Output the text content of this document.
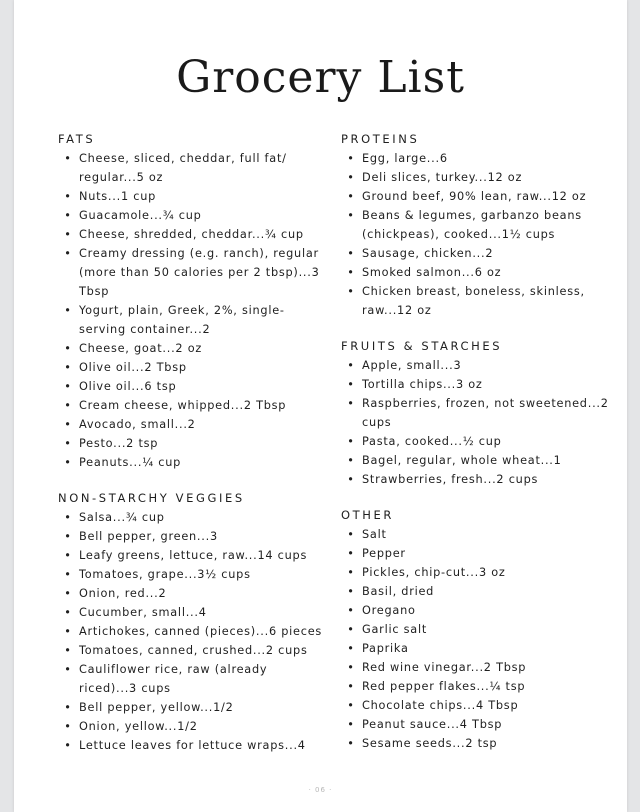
Grocery List

FATS

• Cheese, sliced, cheddar, full fat/ regular...5 oz
• Nuts...1 cup
• Guacamole...¾ cup
• Cheese, shredded, cheddar...¾ cup
• Creamy dressing (e.g. ranch), regular (more than 50 calories per 2 tbsp)...3 Tbsp
• Yogurt, plain, Greek, 2%, single-serving container...2
• Cheese, goat...2 oz
• Olive oil...2 Tbsp
• Olive oil...6 tsp
• Cream cheese, whipped...2 Tbsp
• Avocado, small...2
• Pesto...2 tsp
• Peanuts...¼ cup

NON-STARCHY VEGGIES

• Salsa...¾ cup
• Bell pepper, green...3
• Leafy greens, lettuce, raw...14 cups
• Tomatoes, grape...3½ cups
• Onion, red...2
• Cucumber, small...4
• Artichokes, canned (pieces)...6 pieces
• Tomatoes, canned, crushed...2 cups
• Cauliflower rice, raw (already riced)...3 cups
• Bell pepper, yellow...1/2
• Onion, yellow...1/2
• Lettuce leaves for lettuce wraps...4

PROTEINS

• Egg, large...6
• Deli slices, turkey...12 oz
• Ground beef, 90% lean, raw...12 oz
• Beans & legumes, garbanzo beans (chickpeas), cooked...1½ cups
• Sausage, chicken...2
• Smoked salmon...6 oz
• Chicken breast, boneless, skinless, raw...12 oz

FRUITS & STARCHES

• Apple, small...3
• Tortilla chips...3 oz
• Raspberries, frozen, not sweetened...2 cups
• Pasta, cooked...½ cup
• Bagel, regular, whole wheat...1
• Strawberries, fresh...2 cups

OTHER

• Salt
• Pepper
• Pickles, chip-cut...3 oz
• Basil, dried
• Oregano
• Garlic salt
• Paprika
• Red wine vinegar...2 Tbsp
• Red pepper flakes...¼ tsp
• Chocolate chips...4 Tbsp
• Peanut sauce...4 Tbsp
• Sesame seeds...2 tsp
· 06 ·
